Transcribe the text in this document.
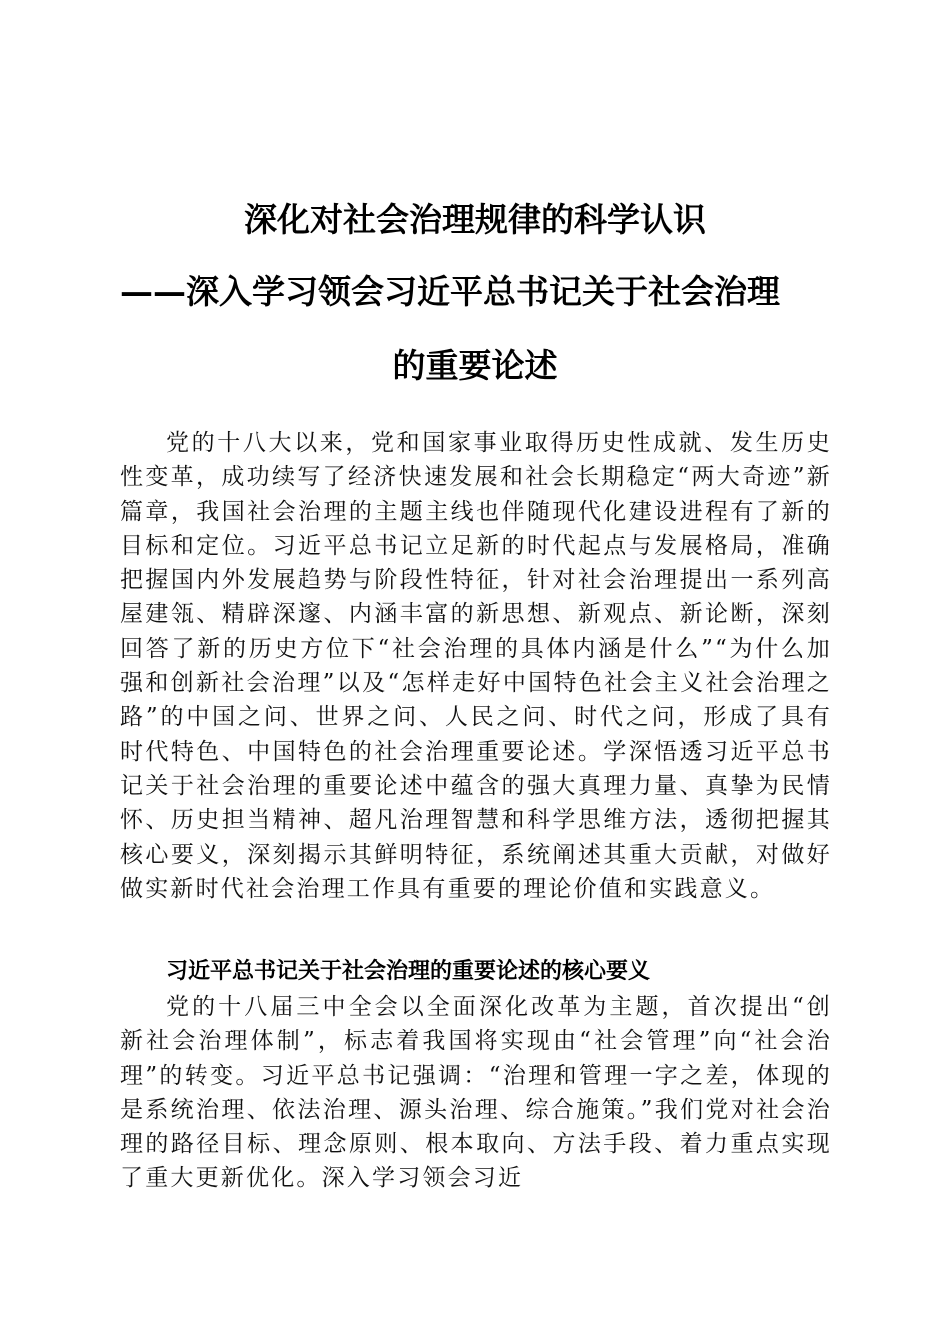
深化对社会治理规律的科学认识
——深入学习领会习近平总书记关于社会治理
的重要论述

党的十八大以来，党和国家事业取得历史性成就、发生历史性变革，成功续写了经济快速发展和社会长期稳定“两大奇迹”新篇章，我国社会治理的主题主线也伴随现代化建设进程有了新的目标和定位。习近平总书记立足新的时代起点与发展格局，准确把握国内外发展趋势与阶段性特征，针对社会治理提出一系列高屋建瓴、精辟深邃、内涵丰富的新思想、新观点、新论断，深刻回答了新的历史方位下“社会治理的具体内涵是什么”“为什么加强和创新社会治理”以及“怎样走好中国特色社会主义社会治理之路”的中国之问、世界之问、人民之问、时代之问，形成了具有时代特色、中国特色的社会治理重要论述。学深悟透习近平总书记关于社会治理的重要论述中蕴含的强大真理力量、真挚为民情怀、历史担当精神、超凡治理智慧和科学思维方法，透彻把握其核心要义，深刻揭示其鲜明特征，系统阐述其重大贡献，对做好做实新时代社会治理工作具有重要的理论价值和实践意义。

习近平总书记关于社会治理的重要论述的核心要义

党的十八届三中全会以全面深化改革为主题，首次提出“创新社会治理体制”，标志着我国将实现由“社会管理”向“社会治理”的转变。习近平总书记强调：“治理和管理一字之差，体现的是系统治理、依法治理、源头治理、综合施策。”我们党对社会治理的路径目标、理念原则、根本取向、方法手段、着力重点实现了重大更新优化。深入学习领会习近
